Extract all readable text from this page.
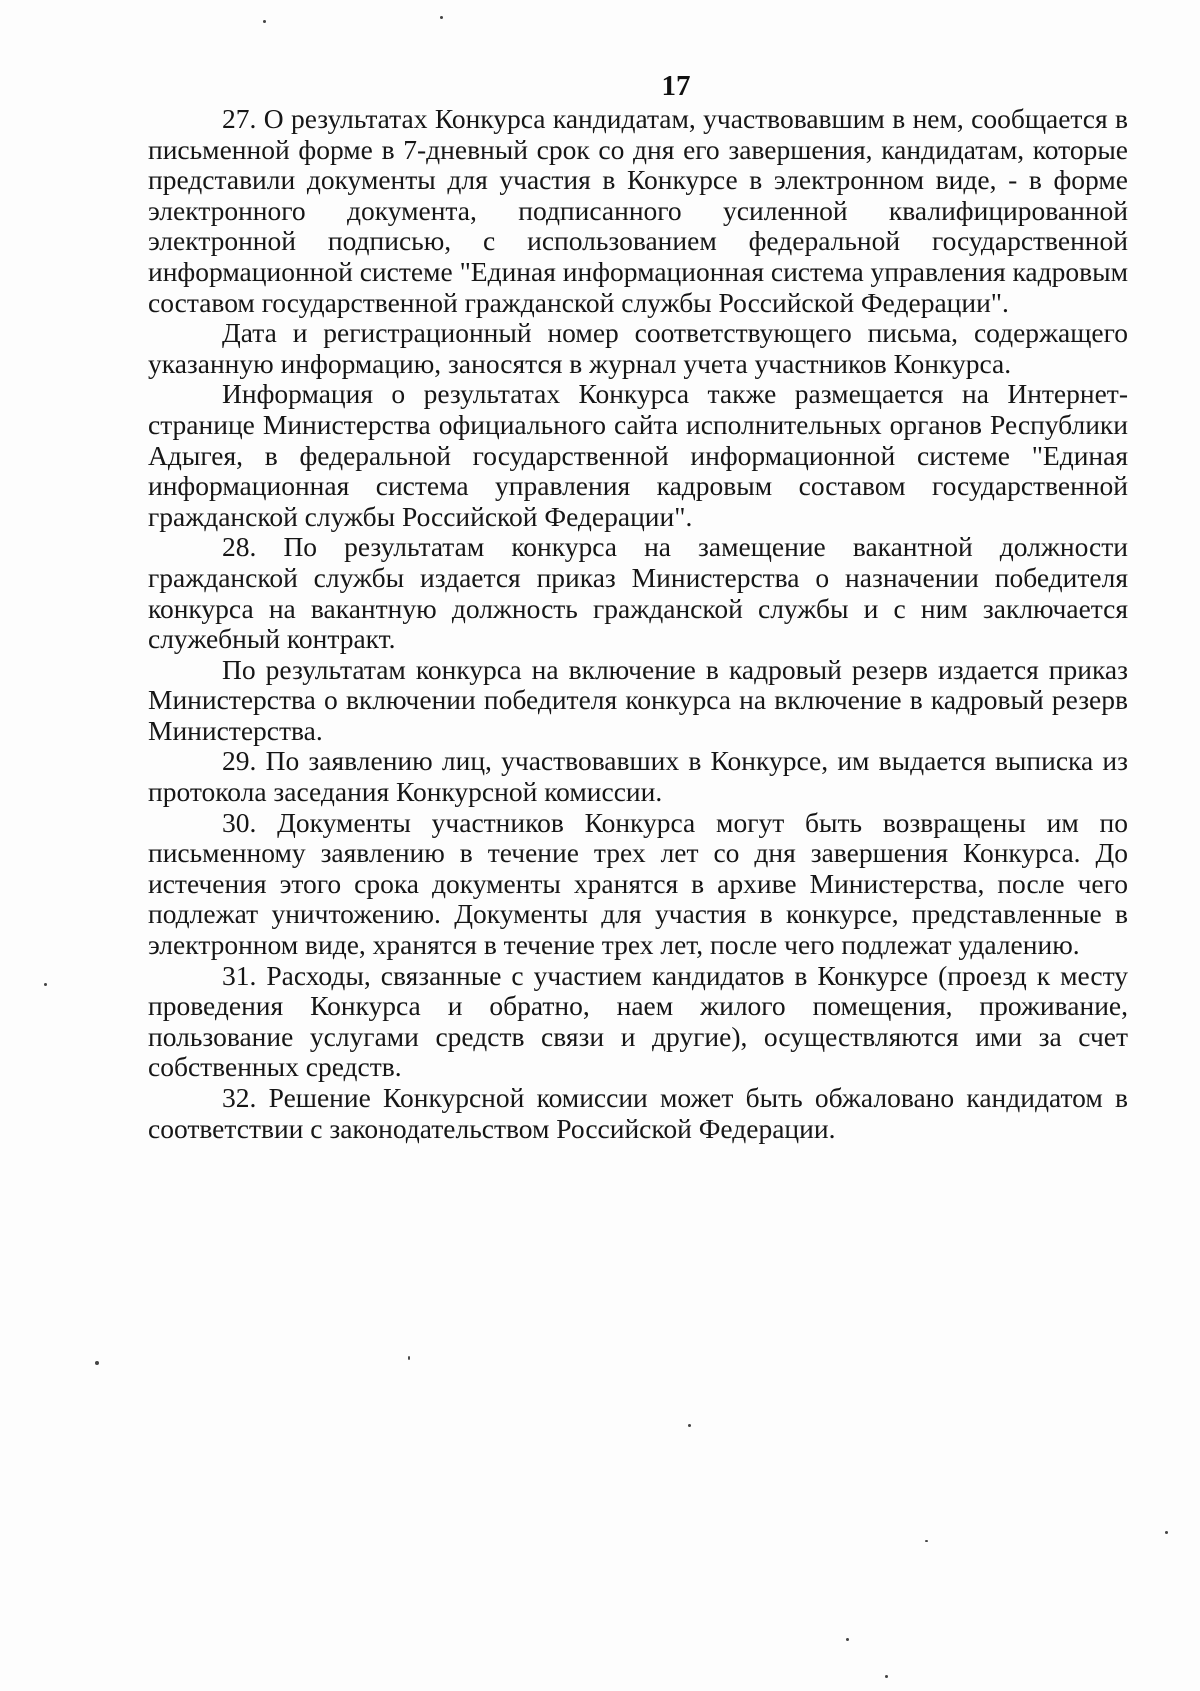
17

27. О результатах Конкурса кандидатам, участвовавшим в нем, сообщается в письменной форме в 7-дневный срок со дня его завершения, кандидатам, которые представили документы для участия в Конкурсе в электронном виде, - в форме электронного документа, подписанного усиленной квалифицированной электронной подписью, с использованием федеральной государственной информационной системе "Единая информационная система управления кадровым составом государственной гражданской службы Российской Федерации".

Дата и регистрационный номер соответствующего письма, содержащего указанную информацию, заносятся в журнал учета участников Конкурса.

Информация о результатах Конкурса также размещается на Интернет-странице Министерства официального сайта исполнительных органов Республики Адыгея, в федеральной государственной информационной системе "Единая информационная система управления кадровым составом государственной гражданской службы Российской Федерации".

28. По результатам конкурса на замещение вакантной должности гражданской службы издается приказ Министерства о назначении победителя конкурса на вакантную должность гражданской службы и с ним заключается служебный контракт.

По результатам конкурса на включение в кадровый резерв издается приказ Министерства о включении победителя конкурса на включение в кадровый резерв Министерства.

29. По заявлению лиц, участвовавших в Конкурсе, им выдается выписка из протокола заседания Конкурсной комиссии.

30. Документы участников Конкурса могут быть возвращены им по письменному заявлению в течение трех лет со дня завершения Конкурса. До истечения этого срока документы хранятся в архиве Министерства, после чего подлежат уничтожению. Документы для участия в конкурсе, представленные в электронном виде, хранятся в течение трех лет, после чего подлежат удалению.

31. Расходы, связанные с участием кандидатов в Конкурсе (проезд к месту проведения Конкурса и обратно, наем жилого помещения, проживание, пользование услугами средств связи и другие), осуществляются ими за счет собственных средств.

32. Решение Конкурсной комиссии может быть обжаловано кандидатом в соответствии с законодательством Российской Федерации.
